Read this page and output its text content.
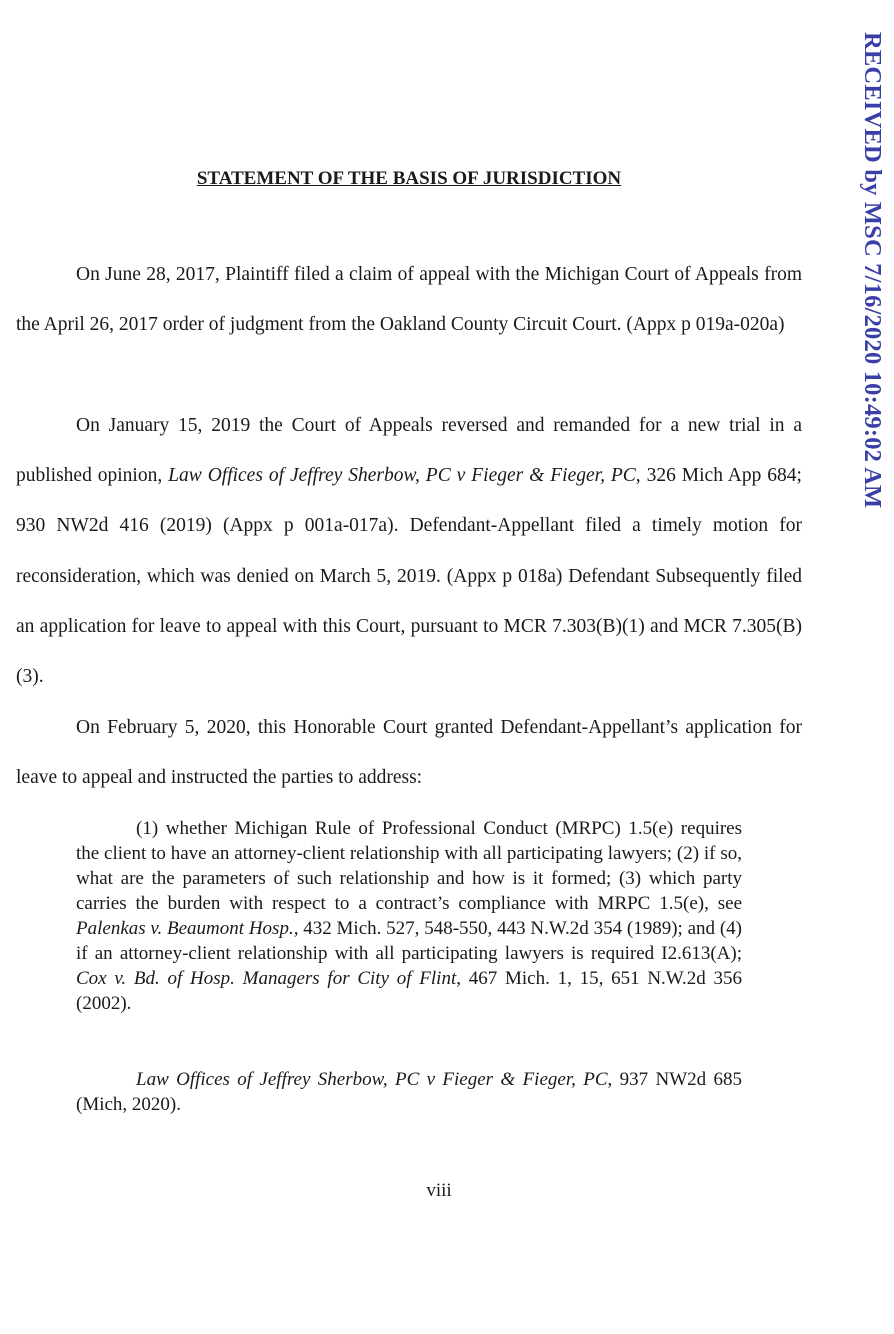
RECEIVED by MSC 7/16/2020 10:49:02 AM
STATEMENT OF THE BASIS OF JURISDICTION

On June 28, 2017, Plaintiff filed a claim of appeal with the Michigan Court of Appeals from the April 26, 2017 order of judgment from the Oakland County Circuit Court. (Appx p 019a-020a)

On January 15, 2019 the Court of Appeals reversed and remanded for a new trial in a published opinion, Law Offices of Jeffrey Sherbow, PC v Fieger & Fieger, PC, 326 Mich App 684; 930 NW2d 416 (2019) (Appx p 001a-017a). Defendant-Appellant filed a timely motion for reconsideration, which was denied on March 5, 2019. (Appx p 018a) Defendant Subsequently filed an application for leave to appeal with this Court, pursuant to MCR 7.303(B)(1) and MCR 7.305(B)(3).

On February 5, 2020, this Honorable Court granted Defendant-Appellant’s application for leave to appeal and instructed the parties to address:

(1) whether Michigan Rule of Professional Conduct (MRPC) 1.5(e) requires the client to have an attorney-client relationship with all participating lawyers; (2) if so, what are the parameters of such relationship and how is it formed; (3) which party carries the burden with respect to a contract’s compliance with MRPC 1.5(e), see Palenkas v. Beaumont Hosp., 432 Mich. 527, 548-550, 443 N.W.2d 354 (1989); and (4) if an attorney-client relationship with all participating lawyers is required I2.613(A); Cox v. Bd. of Hosp. Managers for City of Flint, 467 Mich. 1, 15, 651 N.W.2d 356 (2002).

Law Offices of Jeffrey Sherbow, PC v Fieger & Fieger, PC, 937 NW2d 685 (Mich, 2020).

viii
